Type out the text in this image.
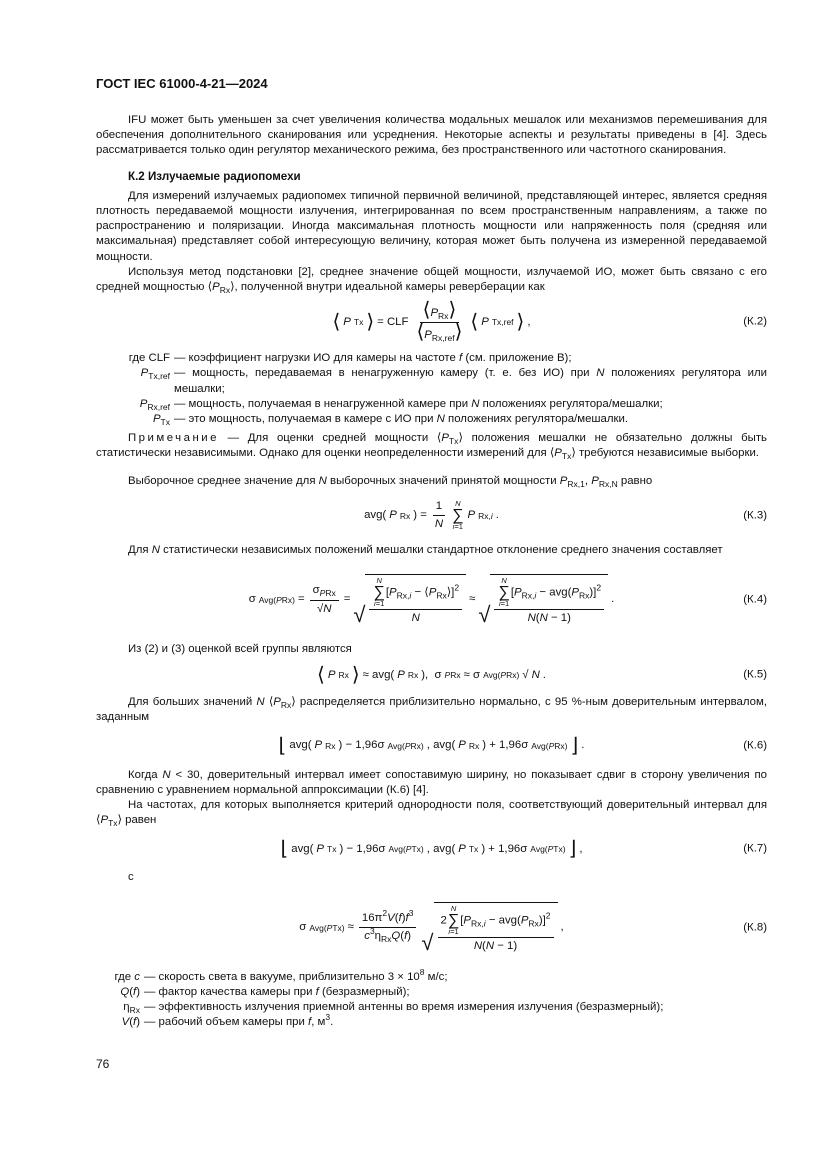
ГОСТ IEC 61000-4-21—2024

IFU может быть уменьшен за счет увеличения количества модальных мешалок или механизмов перемешивания для обеспечения дополнительного сканирования или усреднения. Некоторые аспекты и результаты приведены в [4]. Здесь рассматривается только один регулятор механического режима, без пространственного или частотного сканирования.

К.2 Излучаемые радиопомехи

Для измерений излучаемых радиопомех типичной первичной величиной, представляющей интерес, является средняя плотность передаваемой мощности излучения, интегрированная по всем пространственным направлениям, а также по распространению и поляризации. Иногда максимальная плотность мощности или напряженность поля (средняя или максимальная) представляет собой интересующую величину, которая может быть получена из измеренной передаваемой мощности.

Используя метод подстановки [2], среднее значение общей мощности, излучаемой ИО, может быть связано с его средней мощностью $⟨P_{Rx}⟩$, полученной внутри идеальной камеры реверберации как

⟨ P Tx ⟩ = CLF $\frac{⟨P_{Rx}⟩}{⟨P_{Rx,ref}⟩}$ ⟨ P Tx,ref ⟩ ,	(К.2)
где CLF — коэффициент нагрузки ИО для камеры на частоте f (см. приложение В);
$P_{Tx,ref}$ — мощность, передаваемая в ненагруженную камеру (т. е. без ИО) при N положениях регулятора или мешалки;
$P_{Rx,ref}$ — мощность, получаемая в ненагруженной камере при N положениях регулятора/мешалки;
$P_{Tx}$ — это мощность, получаемая в камере с ИО при N положениях регулятора/мешалки.

Примечание — Для оценки средней мощности $⟨P_{Tx}⟩$ положения мешалки не обязательно должны быть статистически независимыми. Однако для оценки неопределенности измерений для $⟨P_{Tx}⟩$ требуются независимые выборки.

Выборочное среднее значение для N выборочных значений принятой мощности $P_{Rx,1}$, $P_{Rx,N}$ равно

avg( P Rx ) = $\frac{1}{N}$ N
∑
i=1
P Rx,i .	(К.3)

Для N статистически независимых положений мешалки стандартное отклонение среднего значения составляет

σ $Avg(PRx) = \frac{\sigma_{PRx}}{√N}$ =
√ N
∑
i=1
[$P_{Rx,i}$ − $⟨P_{Rx}⟩]^2$
N ≈
√ N
∑
i=1
$[P_{Rx,i} - avg(P_{Rx})]^2$
N(N − 1) .	(К.4)

Из (2) и (3) оценкой всей группы являются

⟨ P Rx ⟩ ≈ avg( P Rx ),  σ PRx ≈ σ Avg(PRx) √ N .	(К.5)

Для больших значений N $⟨P_{Rx}⟩$ распределяется приблизительно нормально, с 95 %-ным доверительным интервалом, заданным

⌊ avg( P Rx ) − 1,96σ Avg(PRx) , avg( P Rx ) + 1,96σ Avg(PRx) ⌋ .	(К.6)

Когда N < 30, доверительный интервал имеет сопоставимую ширину, но показывает сдвиг в сторону увеличения по сравнению с уравнением нормальной аппроксимации (К.6) [4].

На частотах, для которых выполняется критерий однородности поля, соответствующий доверительный интервал для $⟨P_{Tx}⟩$ равен

⌊ avg( P Tx ) − 1,96σ Avg(PTx) , avg( P Tx ) + 1,96σ Avg(PTx) ⌋ ,	(К.7)

с

σ $Avg(PTx) \approx \frac{16\pi^2V(f)f^3}{c^3\eta_{Rx}Q(f)}$ √ 2
N
∑
i=1
$[P_{Rx,i} - avg(P_{Rx})]^2$
N(N − 1) ,	(К.8)
где c — скорость света в вакууме, приблизительно $3 \times 10^8$ м/с;
Q(f) — фактор качества камеры при f (безразмерный);
$\eta_{Rx}$ — эффективность излучения приемной антенны во время измерения излучения (безразмерный);
V(f) — рабочий объем камеры при f, $м^3$.
76
